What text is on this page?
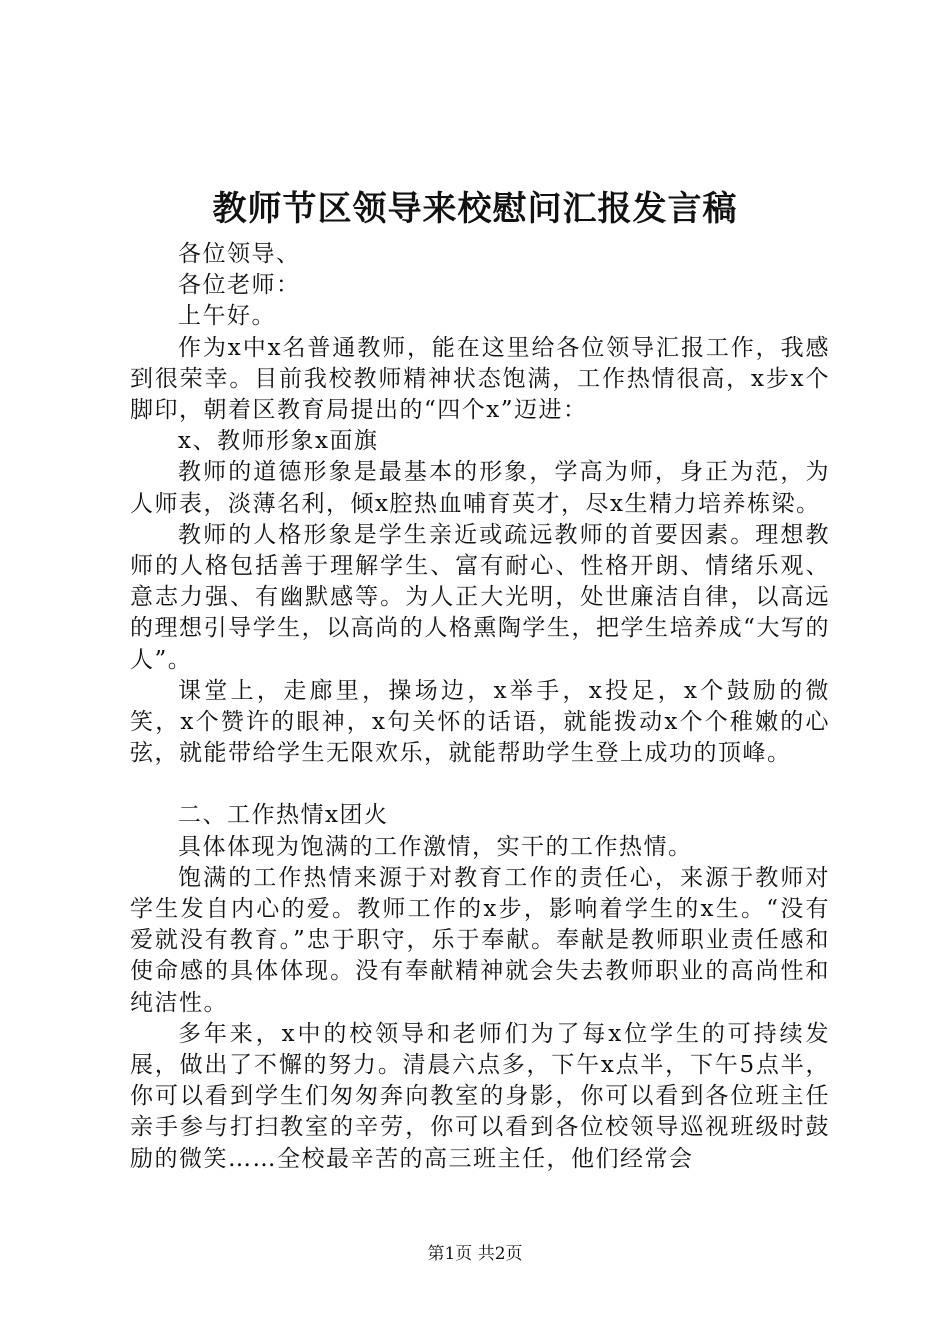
教师节区领导来校慰问汇报发言稿

各位领导、

各位老师：

上午好。

作为x中x名普通教师，能在这里给各位领导汇报工作，我感到很荣幸。目前我校教师精神状态饱满，工作热情很高，x步x个脚印，朝着区教育局提出的“四个x”迈进：

x、教师形象x面旗

教师的道德形象是最基本的形象，学高为师，身正为范，为人师表，淡薄名利，倾x腔热血哺育英才，尽x生精力培养栋梁。

教师的人格形象是学生亲近或疏远教师的首要因素。理想教师的人格包括善于理解学生、富有耐心、性格开朗、情绪乐观、意志力强、有幽默感等。为人正大光明，处世廉洁自律，以高远的理想引导学生，以高尚的人格熏陶学生，把学生培养成“大写的人”。

课堂上，走廊里，操场边，x举手，x投足，x个鼓励的微笑，x个赞许的眼神，x句关怀的话语，就能拨动x个个稚嫩的心弦，就能带给学生无限欢乐，就能帮助学生登上成功的顶峰。

二、工作热情x团火

具体体现为饱满的工作激情，实干的工作热情。

饱满的工作热情来源于对教育工作的责任心，来源于教师对学生发自内心的爱。教师工作的x步，影响着学生的x生。“没有爱就没有教育。”忠于职守，乐于奉献。奉献是教师职业责任感和使命感的具体体现。没有奉献精神就会失去教师职业的高尚性和纯洁性。

多年来，x中的校领导和老师们为了每x位学生的可持续发展，做出了不懈的努力。清晨六点多，下午x点半，下午5点半，你可以看到学生们匆匆奔向教室的身影，你可以看到各位班主任亲手参与打扫教室的辛劳，你可以看到各位校领导巡视班级时鼓励的微笑……全校最辛苦的高三班主任，他们经常会

第1页 共2页
